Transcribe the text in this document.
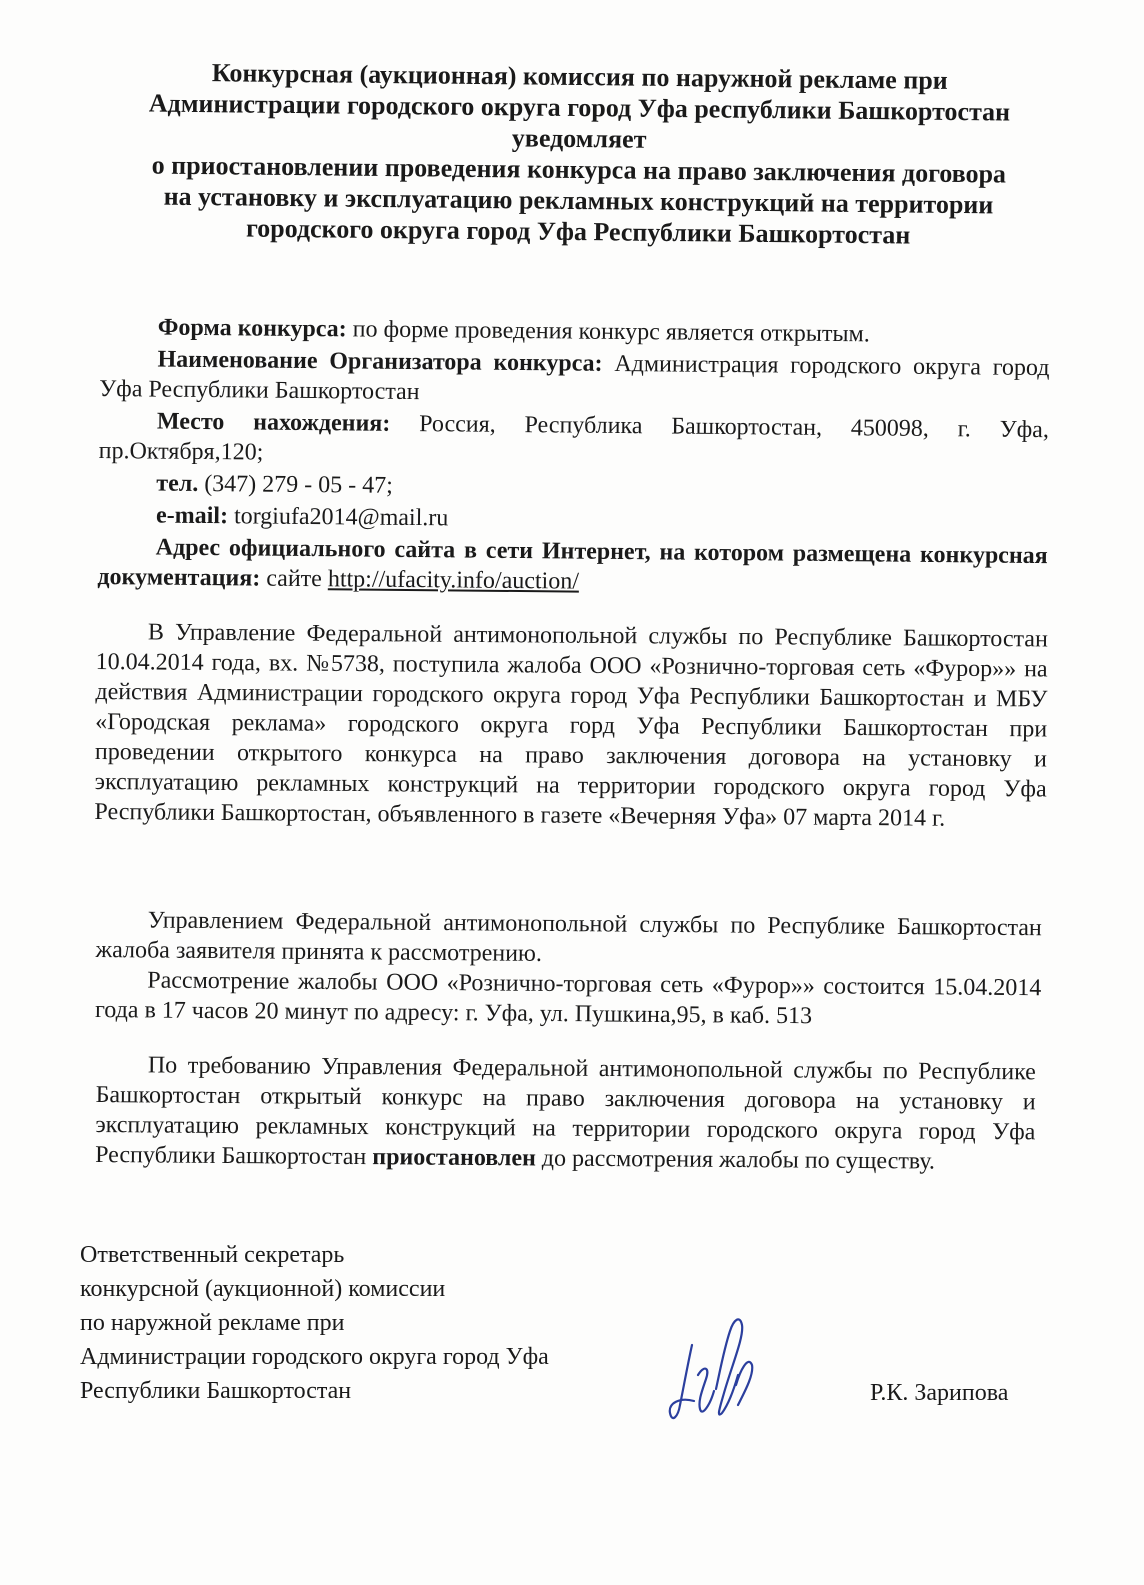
Конкурсная (аукционная) комиссия по наружной рекламе при
Администрации городского округа город Уфа республики Башкортостан
уведомляет
о приостановлении проведения конкурса на право заключения договора
на установку и эксплуатацию рекламных конструкций на территории
городского округа город Уфа Республики Башкортостан

Форма конкурса: по форме проведения конкурс является открытым.

Наименование Организатора конкурса: Администрация городского округа город Уфа Республики Башкортостан

Место нахождения: Россия, Республика Башкортостан, 450098, г. Уфа, пр.Октября,120;

тел. (347) 279 - 05 - 47;

e-mail: torgiufa2014@mail.ru

Адрес официального сайта в сети Интернет, на котором размещена конкурсная документация: сайте http://ufacity.info/auction/

В Управление Федеральной антимонопольной службы по Республике Башкортостан 10.04.2014 года, вх. №5738, поступила жалоба ООО «Рознично-торговая сеть «Фурор»» на действия Администрации городского округа город Уфа Республики Башкортостан и МБУ «Городская реклама» городского округа горд Уфа Республики Башкортостан при проведении открытого конкурса на право заключения договора на установку и эксплуатацию рекламных конструкций на территории городского округа город Уфа Республики Башкортостан, объявленного в газете «Вечерняя Уфа» 07 марта 2014 г.

Управлением Федеральной антимонопольной службы по Республике Башкортостан жалоба заявителя принята к рассмотрению.

Рассмотрение жалобы ООО «Рознично-торговая сеть «Фурор»» состоится 15.04.2014 года в 17 часов 20 минут по адресу: г. Уфа, ул. Пушкина,95, в каб. 513

По требованию Управления Федеральной антимонопольной службы по Республике Башкортостан открытый конкурс на право заключения договора на установку и эксплуатацию рекламных конструкций на территории городского округа город Уфа Республики Башкортостан приостановлен до рассмотрения жалобы по существу.

Ответственный секретарь
конкурсной (аукционной) комиссии
по наружной рекламе при
Администрации городского округа город Уфа
Республики Башкортостан	Р.К. Зарипова
